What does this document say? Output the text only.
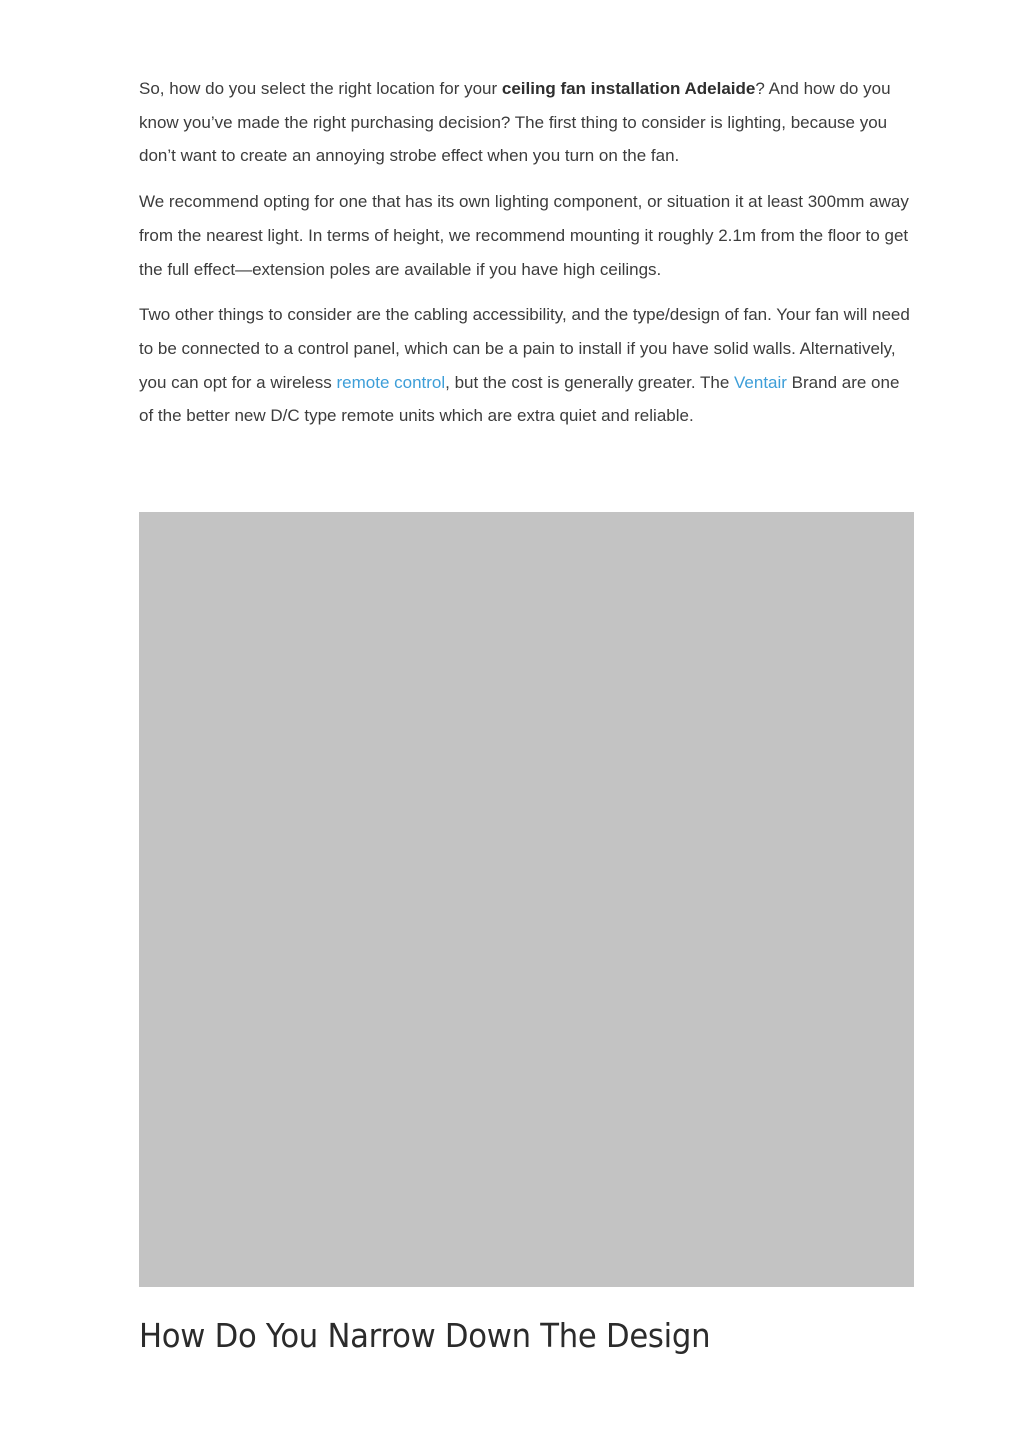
So, how do you select the right location for your ceiling fan installation Adelaide? And how do you know you’ve made the right purchasing decision? The first thing to consider is lighting, because you don’t want to create an annoying strobe effect when you turn on the fan.

We recommend opting for one that has its own lighting component, or situation it at least 300mm away from the nearest light. In terms of height, we recommend mounting it roughly 2.1m from the floor to get the full effect—extension poles are available if you have high ceilings.

Two other things to consider are the cabling accessibility, and the type/design of fan. Your fan will need to be connected to a control panel, which can be a pain to install if you have solid walls. Alternatively, you can opt for a wireless remote control, but the cost is generally greater. The Ventair Brand are one of the better new D/C type remote units which are extra quiet and reliable.

How Do You Narrow Down The Design
